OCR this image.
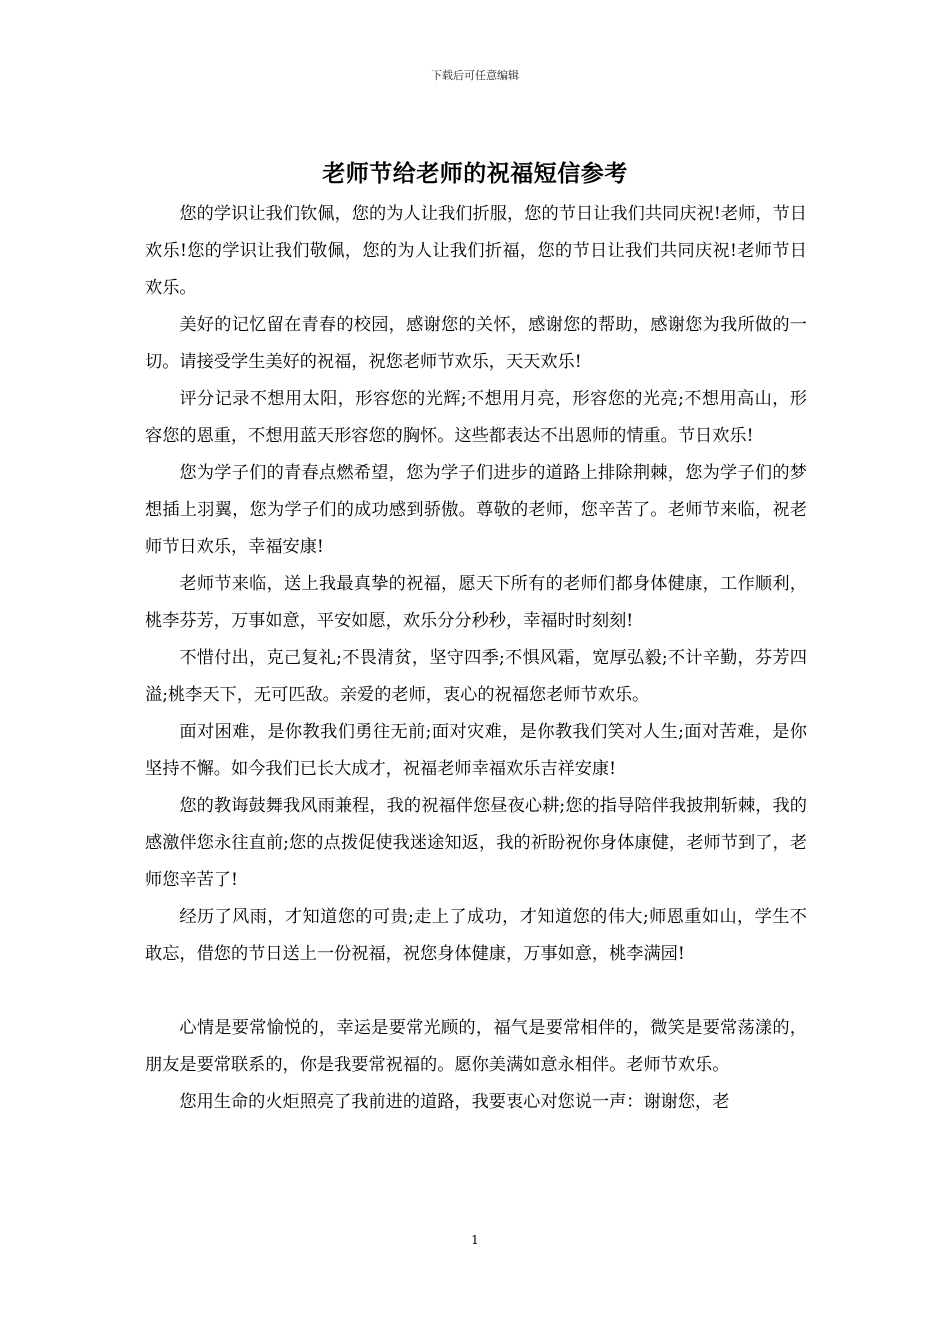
下载后可任意编辑
老师节给老师的祝福短信参考

您的学识让我们钦佩，您的为人让我们折服，您的节日让我们共同庆祝!老师，节日欢乐!您的学识让我们敬佩，您的为人让我们折福，您的节日让我们共同庆祝!老师节日欢乐。

美好的记忆留在青春的校园，感谢您的关怀，感谢您的帮助，感谢您为我所做的一切。请接受学生美好的祝福，祝您老师节欢乐，天天欢乐!

评分记录不想用太阳，形容您的光辉;不想用月亮，形容您的光亮;不想用高山，形容您的恩重，不想用蓝天形容您的胸怀。这些都表达不出恩师的情重。节日欢乐!

您为学子们的青春点燃希望，您为学子们进步的道路上排除荆棘，您为学子们的梦想插上羽翼，您为学子们的成功感到骄傲。尊敬的老师，您辛苦了。老师节来临，祝老师节日欢乐，幸福安康!

老师节来临，送上我最真挚的祝福，愿天下所有的老师们都身体健康，工作顺利，桃李芬芳，万事如意，平安如愿，欢乐分分秒秒，幸福时时刻刻!

不惜付出，克己复礼;不畏清贫，坚守四季;不惧风霜，宽厚弘毅;不计辛勤，芬芳四溢;桃李天下，无可匹敌。亲爱的老师，衷心的祝福您老师节欢乐。

面对困难，是你教我们勇往无前;面对灾难，是你教我们笑对人生;面对苦难，是你坚持不懈。如今我们已长大成才，祝福老师幸福欢乐吉祥安康!

您的教诲鼓舞我风雨兼程，我的祝福伴您昼夜心耕;您的指导陪伴我披荆斩棘，我的感激伴您永往直前;您的点拨促使我迷途知返，我的祈盼祝你身体康健，老师节到了，老师您辛苦了!

经历了风雨，才知道您的可贵;走上了成功，才知道您的伟大;师恩重如山，学生不敢忘，借您的节日送上一份祝福，祝您身体健康，万事如意，桃李满园!

心情是要常愉悦的，幸运是要常光顾的，福气是要常相伴的，微笑是要常荡漾的，朋友是要常联系的，你是我要常祝福的。愿你美满如意永相伴。老师节欢乐。

您用生命的火炬照亮了我前进的道路，我要衷心对您说一声：谢谢您，老

1
